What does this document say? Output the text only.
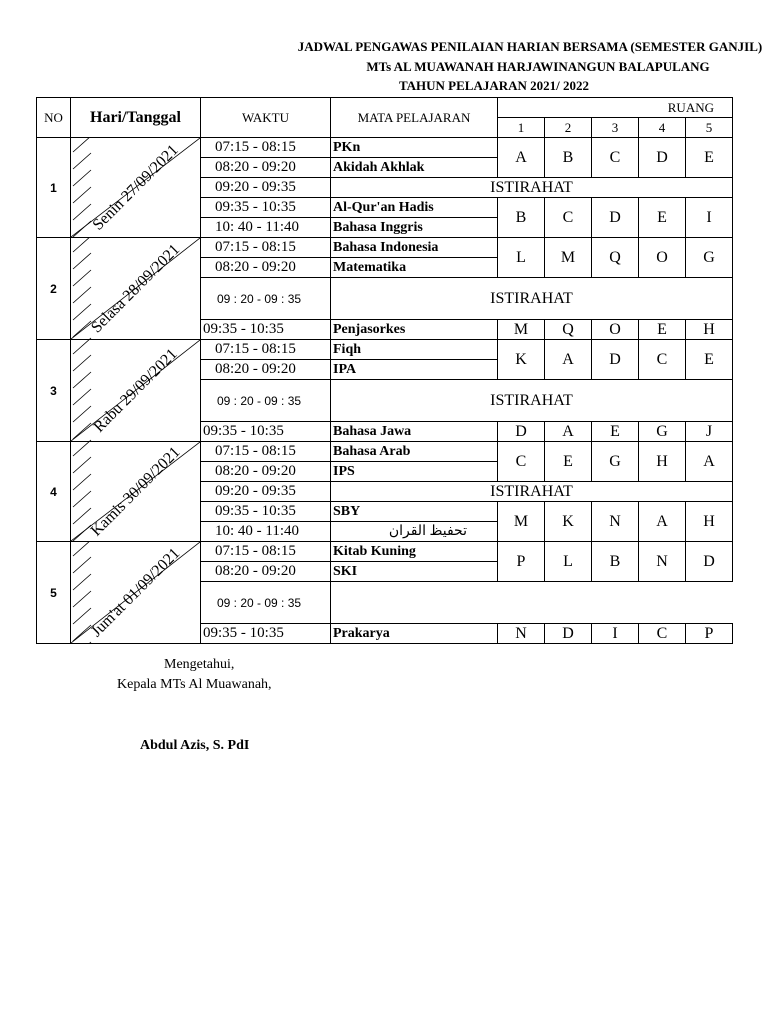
JADWAL PENGAWAS PENILAIAN HARIAN BERSAMA (SEMESTER GANJIL)
MTs AL MUAWANAH HARJAWINANGUN BALAPULANG
TAHUN PELAJARAN 2021/ 2022
NO	Hari/Tanggal	WAKTU	MATA PELAJARAN	RUANG				
				1	2	3	4	5
1	Senin 27/09/2021	07:15 - 08:15	PKn	A	B	C	D	E
		08:20 - 09:20	Akidah Akhlak					
		09:20 - 09:35	ISTIRAHAT					
		09:35 - 10:35	Al-Qur'an Hadis	B	C	D	E	I
		10: 40 - 11:40	Bahasa Inggris					
2	Selasa 28/09/2021	07:15 - 08:15	Bahasa Indonesia	L	M	Q	O	G
		08:20 - 09:20	Matematika					
		09 : 20 - 09 : 35	ISTIRAHAT					
		09:35 - 10:35	Penjasorkes	M	Q	O	E	H
3	Rabu 29/09/2021	07:15 - 08:15	Fiqh	K	A	D	C	E
		08:20 - 09:20	IPA					
		09 : 20 - 09 : 35	ISTIRAHAT					
		09:35 - 10:35	Bahasa Jawa	D	A	E	G	J
4	Kamis 30/09/2021	07:15 - 08:15	Bahasa Arab	C	E	G	H	A
		08:20 - 09:20	IPS					
		09:20 - 09:35	ISTIRAHAT					
		09:35 - 10:35	SBY	M	K	N	A	H
		10: 40 - 11:40	تحفيظ القران					
5	Jum'at 01/09/2021	07:15 - 08:15	Kitab Kuning	P	L	B	N	D
		08:20 - 09:20	SKI					
		09 : 20 - 09 : 35						
		09:35 - 10:35	Prakarya	N	D	I	C	P
Mengetahui,
Kepala MTs Al Muawanah,
Abdul Azis, S. PdI
